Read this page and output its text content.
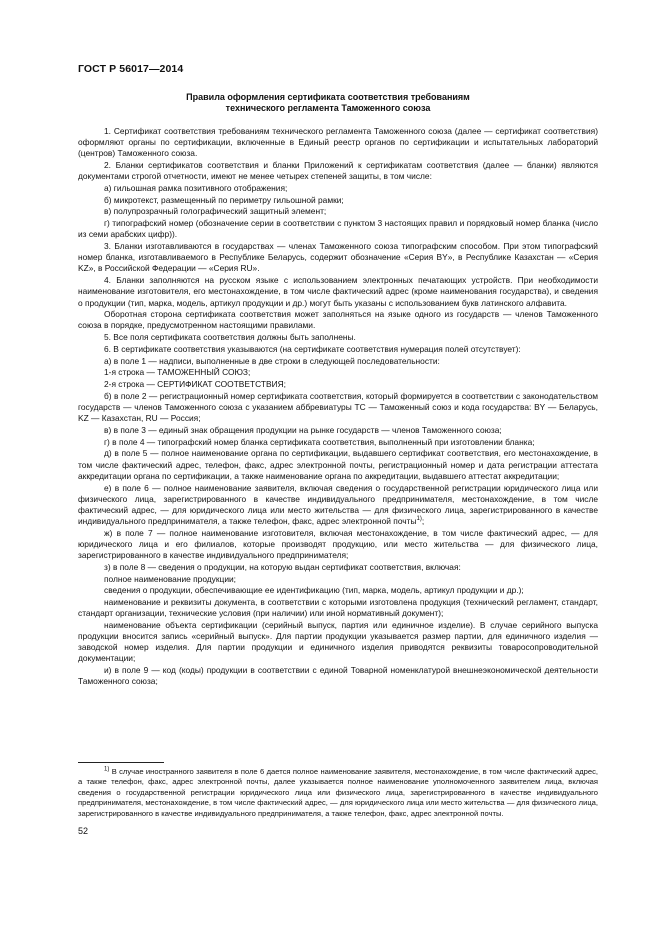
ГОСТ Р 56017—2014
Правила оформления сертификата соответствия требованиям
технического регламента Таможенного союза

1. Сертификат соответствия требованиям технического регламента Таможенного союза (далее — сертификат соответствия) оформляют органы по сертификации, включенные в Единый реестр органов по сертификации и испытательных лабораторий (центров) Таможенного союза.

2. Бланки сертификатов соответствия и бланки Приложений к сертификатам соответствия (далее — бланки) являются документами строгой отчетности, имеют не менее четырех степеней защиты, в том числе:

а) гильошная рамка позитивного отображения;

б) микротекст, размещенный по периметру гильошной рамки;

в) полупрозрачный голографический защитный элемент;

г) типографский номер (обозначение серии в соответствии с пунктом 3 настоящих правил и порядковый номер бланка (число из семи арабских цифр)).

3. Бланки изготавливаются в государствах — членах Таможенного союза типографским способом. При этом типографский номер бланка, изготавливаемого в Республике Беларусь, содержит обозначение «Серия BY», в Республике Казахстан — «Серия KZ», в Российской Федерации — «Серия RU».

4. Бланки заполняются на русском языке с использованием электронных печатающих устройств. При необходимости наименование изготовителя, его местонахождение, в том числе фактический адрес (кроме наименования государства), и сведения о продукции (тип, марка, модель, артикул продукции и др.) могут быть указаны с использованием букв латинского алфавита.

Оборотная сторона сертификата соответствия может заполняться на языке одного из государств — членов Таможенного союза в порядке, предусмотренном настоящими правилами.

5. Все поля сертификата соответствия должны быть заполнены.

6. В сертификате соответствия указываются (на сертификате соответствия нумерация полей отсутствует):

а) в поле 1 — надписи, выполненные в две строки в следующей последовательности:

1-я строка — ТАМОЖЕННЫЙ СОЮЗ;

2-я строка — СЕРТИФИКАТ СООТВЕТСТВИЯ;

б) в поле 2 — регистрационный номер сертификата соответствия, который формируется в соответствии с законодательством государств — членов Таможенного союза с указанием аббревиатуры ТС — Таможенный союз и кода государства: BY — Беларусь, KZ — Казахстан, RU — Россия;

в) в поле 3 — единый знак обращения продукции на рынке государств — членов Таможенного союза;

г) в поле 4 — типографский номер бланка сертификата соответствия, выполненный при изготовлении бланка;

д) в поле 5 — полное наименование органа по сертификации, выдавшего сертификат соответствия, его местонахождение, в том числе фактический адрес, телефон, факс, адрес электронной почты, регистрационный номер и дата регистрации аттестата аккредитации органа по сертификации, а также наименование органа по аккредитации, выдавшего аттестат аккредитации;

е) в поле 6 — полное наименование заявителя, включая сведения о государственной регистрации юридического лица или физического лица, зарегистрированного в качестве индивидуального предпринимателя, местонахождение, в том числе фактический адрес, — для юридического лица или место жительства — для физического лица, зарегистрированного в качестве индивидуального предпринимателя, а также телефон, факс, адрес электронной почты$^{1)}$;

ж) в поле 7 — полное наименование изготовителя, включая местонахождение, в том числе фактический адрес, — для юридического лица и его филиалов, которые производят продукцию, или место жительства — для физического лица, зарегистрированного в качестве индивидуального предпринимателя;

з) в поле 8 — сведения о продукции, на которую выдан сертификат соответствия, включая:

полное наименование продукции;

сведения о продукции, обеспечивающие ее идентификацию (тип, марка, модель, артикул продукции и др.);

наименование и реквизиты документа, в соответствии с которыми изготовлена продукция (технический регламент, стандарт, стандарт организации, технические условия (при наличии) или иной нормативный документ);

наименование объекта сертификации (серийный выпуск, партия или единичное изделие). В случае серийного выпуска продукции вносится запись «серийный выпуск». Для партии продукции указывается размер партии, для единичного изделия — заводской номер изделия. Для партии продукции и единичного изделия приводятся реквизиты товаросопроводительной документации;

и) в поле 9 — код (коды) продукции в соответствии с единой Товарной номенклатурой внешнеэкономической деятельности Таможенного союза;

$^{1)}$ В случае иностранного заявителя в поле 6 дается полное наименование заявителя, местонахождение, в том числе фактический адрес, а также телефон, факс, адрес электронной почты, далее указывается полное наименование уполномоченного заявителем лица, включая сведения о государственной регистрации юридического лица или физического лица, зарегистрированного в качестве индивидуального предпринимателя, местонахождение, в том числе фактический адрес, — для юридического лица или место жительства — для физического лица, зарегистрированного в качестве индивидуального предпринимателя, а также телефон, факс, адрес электронной почты.

52
